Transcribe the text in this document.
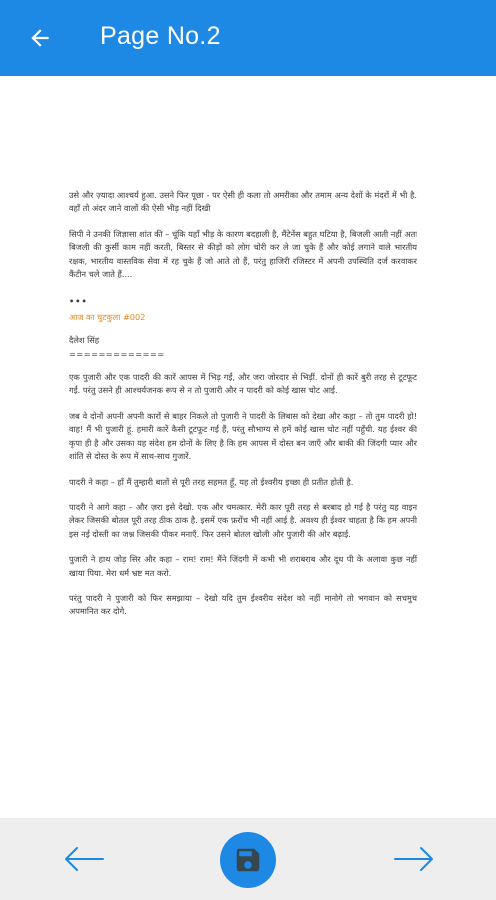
Page No.2

उसे और ज़्यादा आश्चर्य हुआ. उसने फिर पूछा - पर ऐसी ही कला तो अमरीका और तमाम अन्य देशों के मंदरों में भी है. वहाँ तो अंदर जाने वालों की ऐसी भीड़ नहीं दिखी

सिपी ने उनकी जिज्ञासा शांत की – चूंकि यहाँ भीड़ के कारण बदहाली है, मैंटेनेंस बहुत घटिया है, बिजली आती नहीं अतः बिजली की कुर्सी काम नहीं करती, बिस्तर से कीड़ों को लोग चोरी कर ले जा चुके हैं और कोई लगाने वाले भारतीय रक्षक, भारतीय वास्तविक सेवा में रह चुके हैं जो आते तो हैं, परंतु हाजिरी रजिस्टर में अपनी उपस्थिति दर्ज करवाकर कैंटीन चले जाते हैं....

•••
आज का चुटकुला #002
दैलेश सिंह
=============

एक पुजारी और एक पादरी की कारें आपस में भिड़ गईं, और जरा जोरदार से भिड़ीं. दोनों ही कारें बुरी तरह से टूटफूट गईं. परंतु उसने ही आश्चर्यजनक रूप से न तो पुजारी और न पादरी को कोई खास चोट आई.

जब वे दोनों अपनी अपनी कारों से बाहर निकले तो पुजारी ने पादरी के लिबास को देखा और कहा – तो तुम पादरी हो! वाह! मैं भी पुजारी हूं. हमारी कारें कैसी टूटफूट गई हैं, परंतु सौभाग्य से हमें कोई खास चोट नहीं पहुँची. यह ईश्वर की कृपा ही है और उसका यह संदेश हम दोनों के लिए है कि हम आपस में दोस्त बन जाएँ और बाकी की जिंदगी प्यार और शांति से दोस्त के रूप में साथ-साथ गुजारें.

पादरी ने कहा – हाँ मैं तुम्हारी बातों से पूरी तरह सहमत हूँ, यह तो ईश्वरीय इच्छा ही प्रतीत होती है.

पादरी ने आगे कहा – और ज़रा इसे देखो. एक और चमत्कार. मेरी कार पूरी तरह से बरबाद हो गई है परंतु यह वाइन लेकर जिसकी बोतल पूरी तरह ठीक ठाक है. इसमें एक फ़रोंच भी नहीं आई है. अवश्य ही ईश्वर चाहता है कि हम अपनी इस नई दोस्ती का जश्न जिसकी पीकर मनाएँ. फिर उसने बोतल खोली और पुजारी की ओर बढ़ाई.

पुजारी ने हाथ जोड़ सिर और कहा – राम! राम! मैंने जिंदगी में कभी भी शराबराब और दूध पी के अलावा कुछ नहीं खाया पिया. मेरा धर्म भ्रष्ट मत करो.

परंतु पादरी ने पुजारी को फिर समझाया – देखो यदि तुम ईश्वरीय संदेश को नहीं मानोगे तो भगवान को सचमुच अपमानित कर दोगे.
